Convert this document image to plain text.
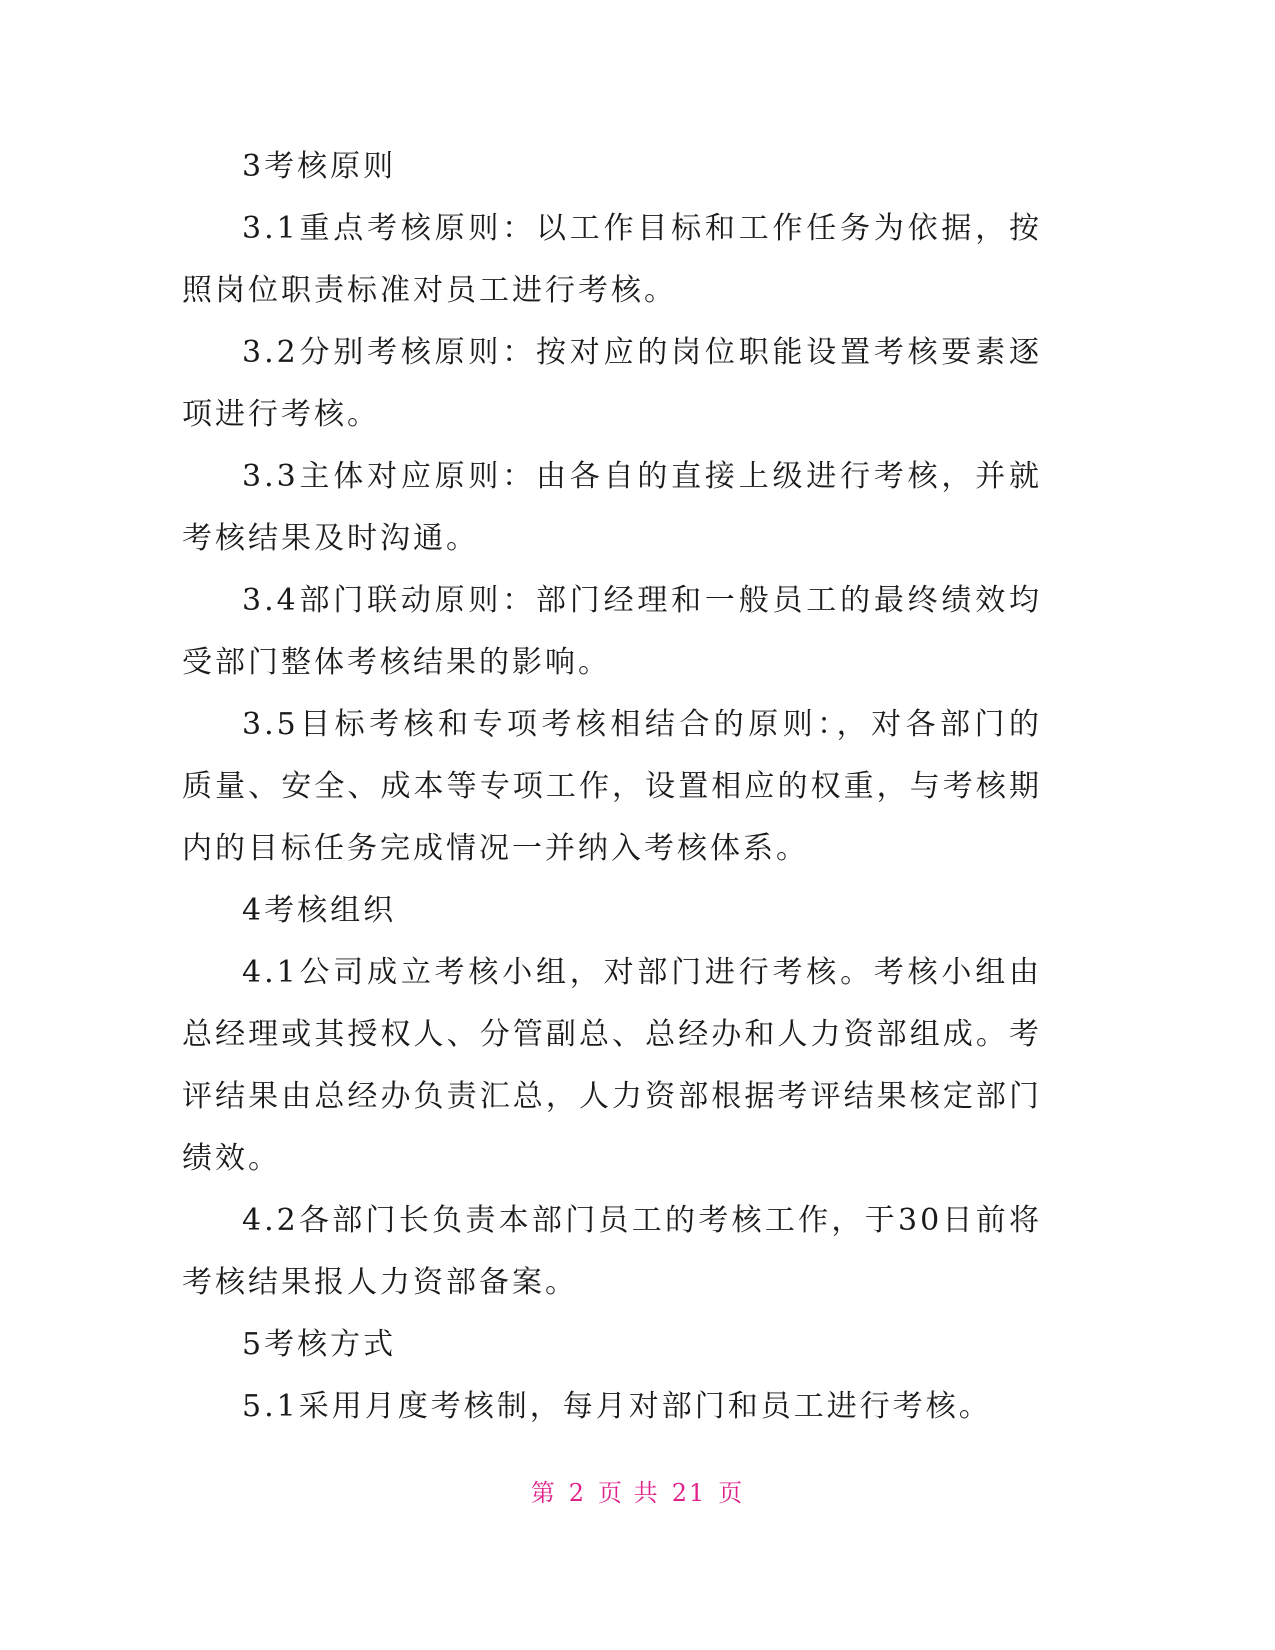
3考核原则

3.1重点考核原则：以工作目标和工作任务为依据，按照岗位职责标准对员工进行考核。

3.2分别考核原则：按对应的岗位职能设置考核要素逐项进行考核。

3.3主体对应原则：由各自的直接上级进行考核，并就考核结果及时沟通。

3.4部门联动原则：部门经理和一般员工的最终绩效均受部门整体考核结果的影响。

3.5目标考核和专项考核相结合的原则：，对各部门的质量、安全、成本等专项工作，设置相应的权重，与考核期内的目标任务完成情况一并纳入考核体系。

4考核组织

4.1公司成立考核小组，对部门进行考核。考核小组由总经理或其授权人、分管副总、总经办和人力资部组成。考评结果由总经办负责汇总，人力资部根据考评结果核定部门绩效。

4.2各部门长负责本部门员工的考核工作，于30日前将考核结果报人力资部备案。

5考核方式

5.1采用月度考核制，每月对部门和员工进行考核。

第 2 页 共 21 页
